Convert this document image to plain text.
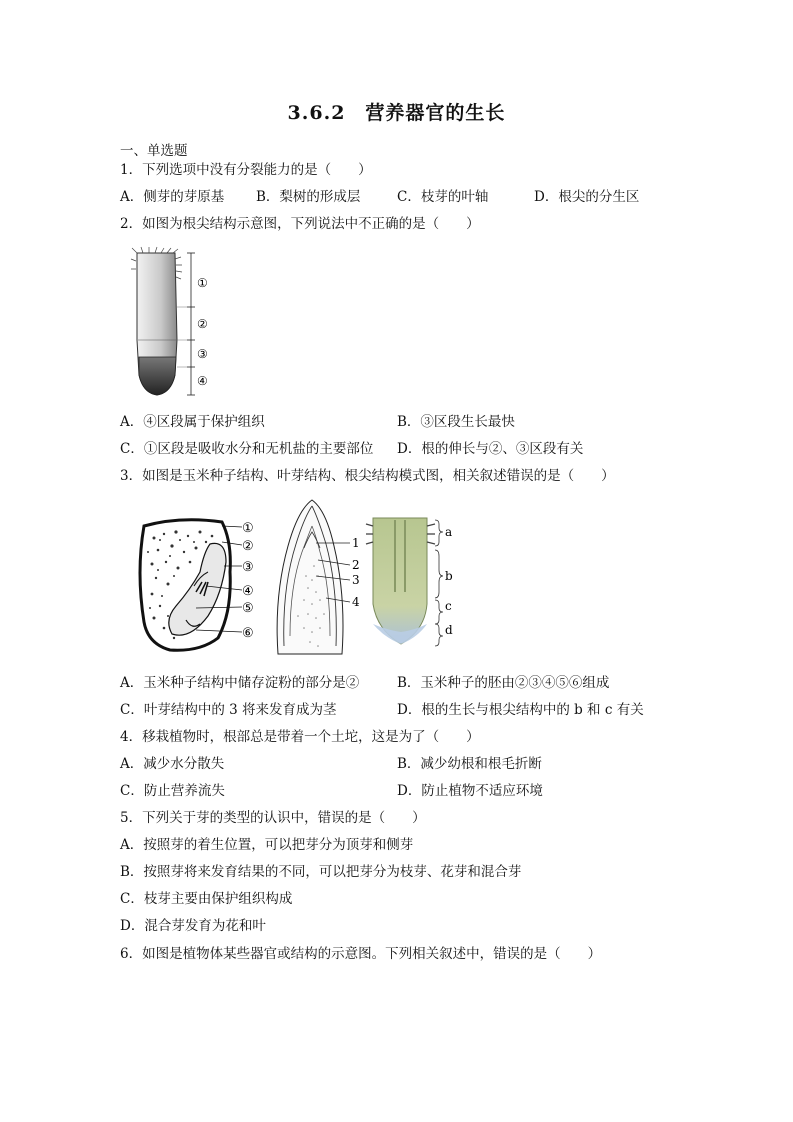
3.6.2　营养器官的生长
一、单选题
1．下列选项中没有分裂能力的是（　　）
A．侧芽的芽原基 B．梨树的形成层	C．枝芽的叶轴	D．根尖的分生区
2．如图为根尖结构示意图，下列说法中不正确的是（　　）
①
②
③
④
A．④区段属于保护组织	B．③区段生长最快
C．①区段是吸收水分和无机盐的主要部位 D．根的伸长与②、③区段有关
3．如图是玉米种子结构、叶芽结构、根尖结构模式图，相关叙述错误的是（　　）
①
②
③
④
⑤
⑥
1
2
3
4
a
b
c
d
A．玉米种子结构中储存淀粉的部分是②	B．玉米种子的胚由②③④⑤⑥组成
C．叶芽结构中的 3 将来发育成为茎	D．根的生长与根尖结构中的 b 和 c 有关
4．移栽植物时，根部总是带着一个土坨，这是为了（　　）
A．减少水分散失	B．减少幼根和根毛折断
C．防止营养流失	D．防止植物不适应环境
5．下列关于芽的类型的认识中，错误的是（　　）
A．按照芽的着生位置，可以把芽分为顶芽和侧芽
B．按照芽将来发育结果的不同，可以把芽分为枝芽、花芽和混合芽
C．枝芽主要由保护组织构成
D．混合芽发育为花和叶
6．如图是植物体某些器官或结构的示意图。下列相关叙述中，错误的是（　　）
